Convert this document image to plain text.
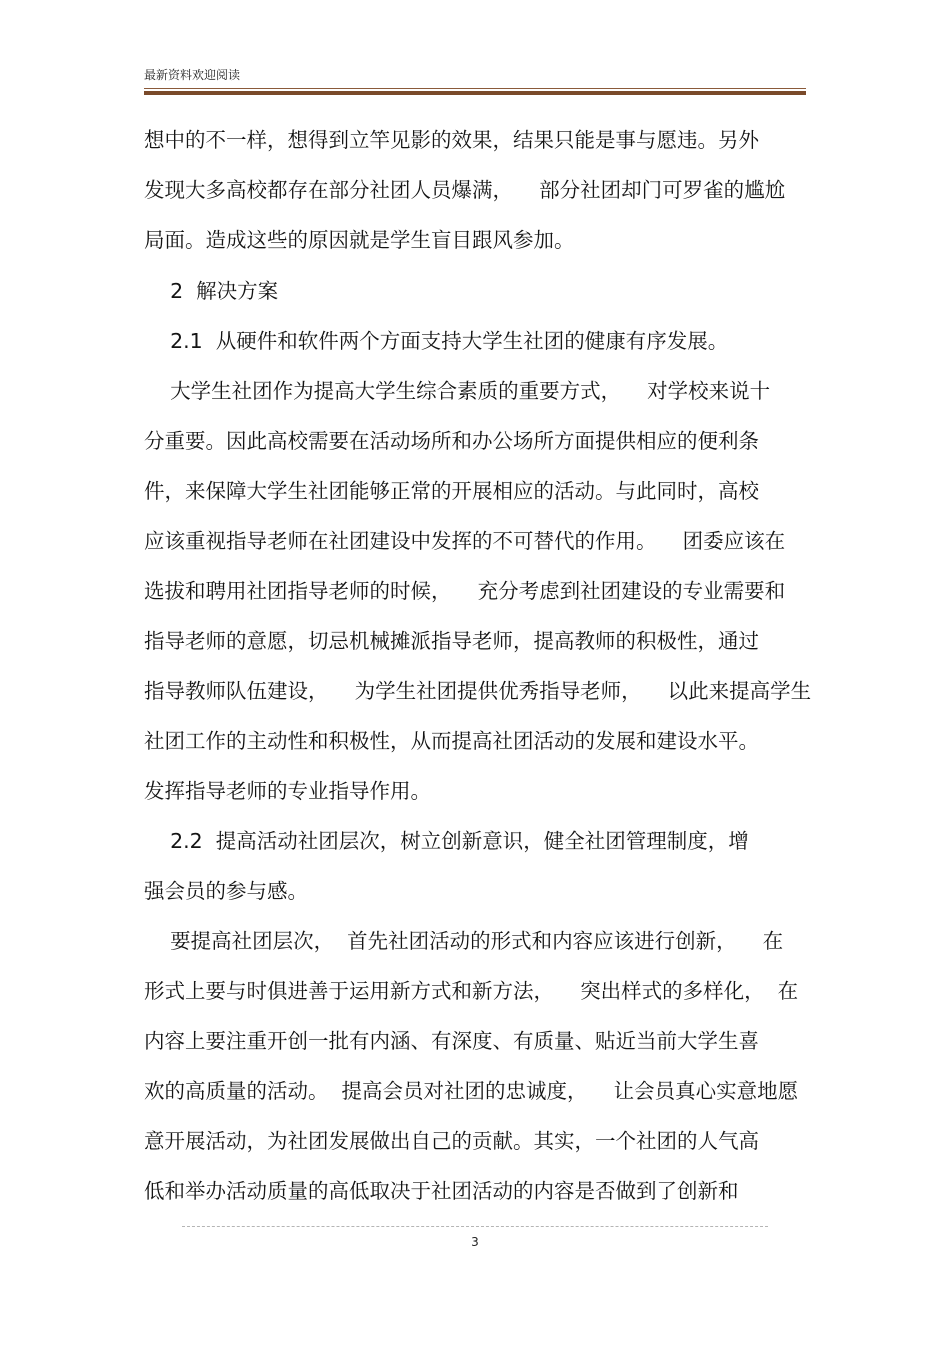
最新资料欢迎阅读
想中的不一样，想得到立竿见影的效果，结果只能是事与愿违。另外
发现大多高校都存在部分社团人员爆满，    部分社团却门可罗雀的尴尬
局面。造成这些的原因就是学生盲目跟风参加。
2  解决方案
2.1  从硬件和软件两个方面支持大学生社团的健康有序发展。
大学生社团作为提高大学生综合素质的重要方式，    对学校来说十
分重要。因此高校需要在活动场所和办公场所方面提供相应的便利条
件，来保障大学生社团能够正常的开展相应的活动。与此同时，高校
应该重视指导老师在社团建设中发挥的不可替代的作用。    团委应该在
选拔和聘用社团指导老师的时候，    充分考虑到社团建设的专业需要和
指导老师的意愿，切忌机械摊派指导老师，提高教师的积极性，通过
指导教师队伍建设，    为学生社团提供优秀指导老师，    以此来提高学生
社团工作的主动性和积极性，从而提高社团活动的发展和建设水平。
发挥指导老师的专业指导作用。
2.2  提高活动社团层次，树立创新意识，健全社团管理制度，增
强会员的参与感。
要提高社团层次，  首先社团活动的形式和内容应该进行创新，    在
形式上要与时俱进善于运用新方式和新方法，    突出样式的多样化，  在
内容上要注重开创一批有内涵、有深度、有质量、贴近当前大学生喜
欢的高质量的活动。  提高会员对社团的忠诚度，    让会员真心实意地愿
意开展活动，为社团发展做出自己的贡献。其实，一个社团的人气高
低和举办活动质量的高低取决于社团活动的内容是否做到了创新和
3
